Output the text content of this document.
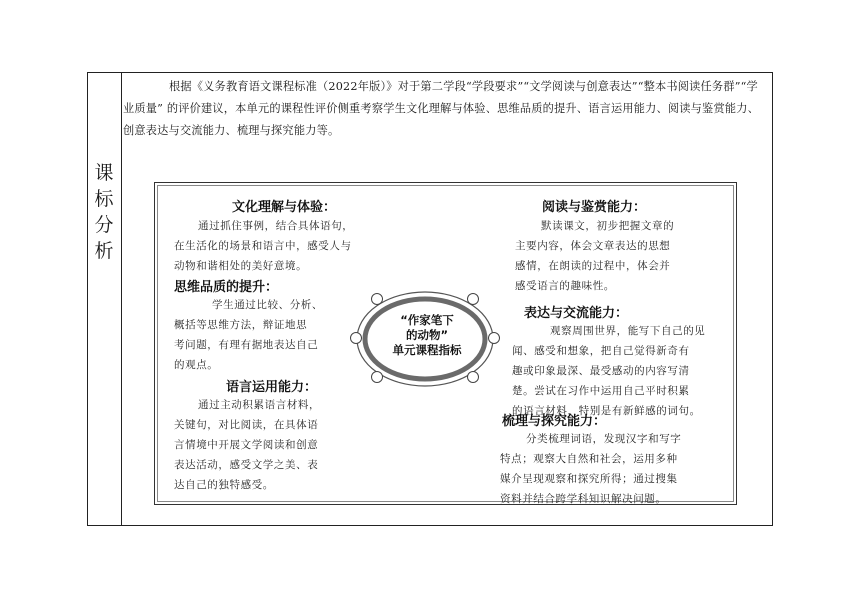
课
标
分
析
根据《义务教育语文课程标准（2022年版）》对于第二学段“学段要求”“文学阅读与创意表达”“整本书阅读任务群”“学业质量” 的评价建议，本单元的课程性评价侧重考察学生文化理解与体验、思维品质的提升、语言运用能力、阅读与鉴赏能力、创意表达与交流能力、梳理与探究能力等。
“作家笔下
的动物”
单元课程指标
文化理解与体验：
通过抓住事例，结合具体语句，
在生活化的场景和语言中，感受人与
动物和谐相处的美好意境。
思维品质的提升：
学生通过比较、分析、
概括等思维方法，辩证地思
考问题，有理有据地表达自己
的观点。
语言运用能力：
通过主动积累语言材料，
关键句，对比阅读，在具体语
言情境中开展文学阅读和创意
表达活动，感受文学之美、表
达自己的独特感受。
阅读与鉴赏能力：
默读课文，初步把握文章的
主要内容，体会文章表达的思想
感情，在朗读的过程中，体会并
感受语言的趣味性。
表达与交流能力：
观察周围世界，能写下自己的见
闻、感受和想象，把自己觉得新奇有
趣或印象最深、最受感动的内容写清
楚。尝试在习作中运用自己平时积累
的语言材料，特别是有新鲜感的词句。
梳理与探究能力：
分类梳理词语，发现汉字和写字
特点；观察大自然和社会，运用多种
媒介呈现观察和探究所得；通过搜集
资料并结合跨学科知识解决问题。
